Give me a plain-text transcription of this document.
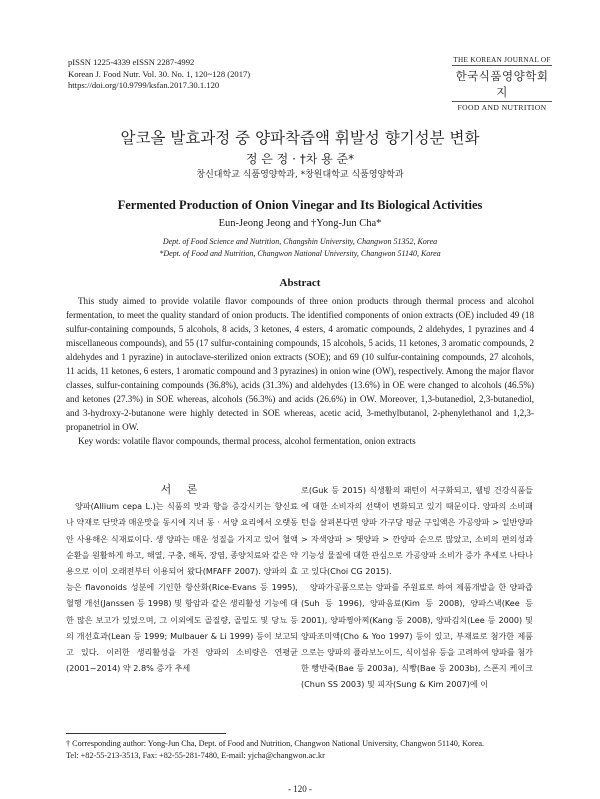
pISSN 1225-4339 eISSN 2287-4992
Korean J. Food Nutr. Vol. 30. No. 1, 120~128 (2017)
https://doi.org/10.9799/ksfan.2017.30.1.120
THE KOREAN JOURNAL OF
한국식품영양학회지
FOOD AND NUTRITION
알코올 발효과정 중 양파착즙액 휘발성 향기성분 변화
정 은 정 · †차 용 준*
창신대학교 식품영양학과, *창원대학교 식품영양학과
Fermented Production of Onion Vinegar and Its Biological Activities
Eun-Jeong Jeong and †Yong-Jun Cha*
Dept. of Food Science and Nutrition, Changshin University, Changwon 51352, Korea
*Dept. of Food and Nutrition, Changwon National University, Changwon 51140, Korea
Abstract

This study aimed to provide volatile flavor compounds of three onion products through thermal process and alcohol fermentation, to meet the quality standard of onion products. The identified components of onion extracts (OE) included 49 (18 sulfur-containing compounds, 5 alcohols, 8 acids, 3 ketones, 4 esters, 4 aromatic compounds, 2 aldehydes, 1 pyrazines and 4 miscellaneous compounds), and 55 (17 sulfur-containing compounds, 15 alcohols, 5 acids, 11 ketones, 3 aromatic compounds, 2 aldehydes and 1 pyrazine) in autoclave-sterilized onion extracts (SOE); and 69 (10 sulfur-containing compounds, 27 alcohols, 11 acids, 11 ketones, 6 esters, 1 aromatic compound and 3 pyrazines) in onion wine (OW), respectively. Among the major flavor classes, sulfur-containing compounds (36.8%), acids (31.3%) and aldehydes (13.6%) in OE were changed to alcohols (46.5%) and ketones (27.3%) in SOE whereas, alcohols (56.3%) and acids (26.6%) in OW. Moreover, 1,3-butanediol, 2,3-butanediol, and 3-hydroxy-2-butanone were highly detected in SOE whereas, acetic acid, 3-methylbutanol, 2-phenylethanol and 1,2,3-propanetriol in OW.

Key words: volatile flavor compounds, thermal process, alcohol fermentation, onion extracts

서 론

양파(Allium cepa L.)는 식품의 맛과 향을 증강시키는 향신료나 약재로 단맛과 매운맛을 동시에 지녀 동 · 서양 요리에서 오랫동안 사용해온 식재료이다. 생 양파는 매운 성질을 가지고 있어 혈액 순환을 원활하게 하고, 해열, 구충, 해독, 장염, 종양치료와 같은 약용으로 이미 오래전부터 이용되어 왔다(MFAFF 2007). 양파의 효능은 flavonoids 성분에 기인한 항산화(Rice-Evans 등 1995), 혈행 개선(Janssen 등 1998) 및 항암과 같은 생리활성 기능에 대한 많은 보고가 있었으며, 그 이외에도 골질량, 골밀도 및 당뇨 등의 개선효과(Lean 등 1999; Mulbauer & Li 1999) 등이 보고되고 있다. 이러한 생리활성을 가진 양파의 소비량은 연평균(2001~2014) 약 2.8% 증가 추세

로(Guk 등 2015) 식생활의 패턴이 서구화되고, 웰빙 건강식품들에 대한 소비자의 선택이 변화되고 있기 때문이다. 양파의 소비패턴을 살펴본다면 양파 가구당 평균 구입액은 가공양파 > 일반양파 > 자색양파 > 햇양파 > 깐양파 순으로 많았고, 소비의 편의성과 기능성 물질에 대한 관심으로 가공양파 소비가 증가 추세로 나타나고 있다(Choi CG 2015).

양파가공품으로는 양파를 주원료로 하여 제품개발을 한 양파즙(Suh 등 1996), 양파음료(Kim 등 2008), 양파스낵(Kee 등 2001), 양파찡아찌(Kang 등 2008), 양파김치(Lee 등 2000) 및 양파조미액(Cho & Yoo 1997) 등이 있고, 부재료로 첨가한 제품으로는 양파의 플라보노이드, 식이섬유 등을 고려하여 양파를 첨가한 빵반죽(Bae 등 2003a), 식빵(Bae 등 2003b), 스폰지 케이크(Chun SS 2003) 및 피자(Sung & Kim 2007)에 이

† Corresponding author: Yong-Jun Cha, Dept. of Food and Nutrition, Changwon National University, Changwon 51140, Korea.
Tel: +82-55-213-3513, Fax: +82-55-281-7480, E-mail: yjcha@changwon.ac.kr
- 120 -
